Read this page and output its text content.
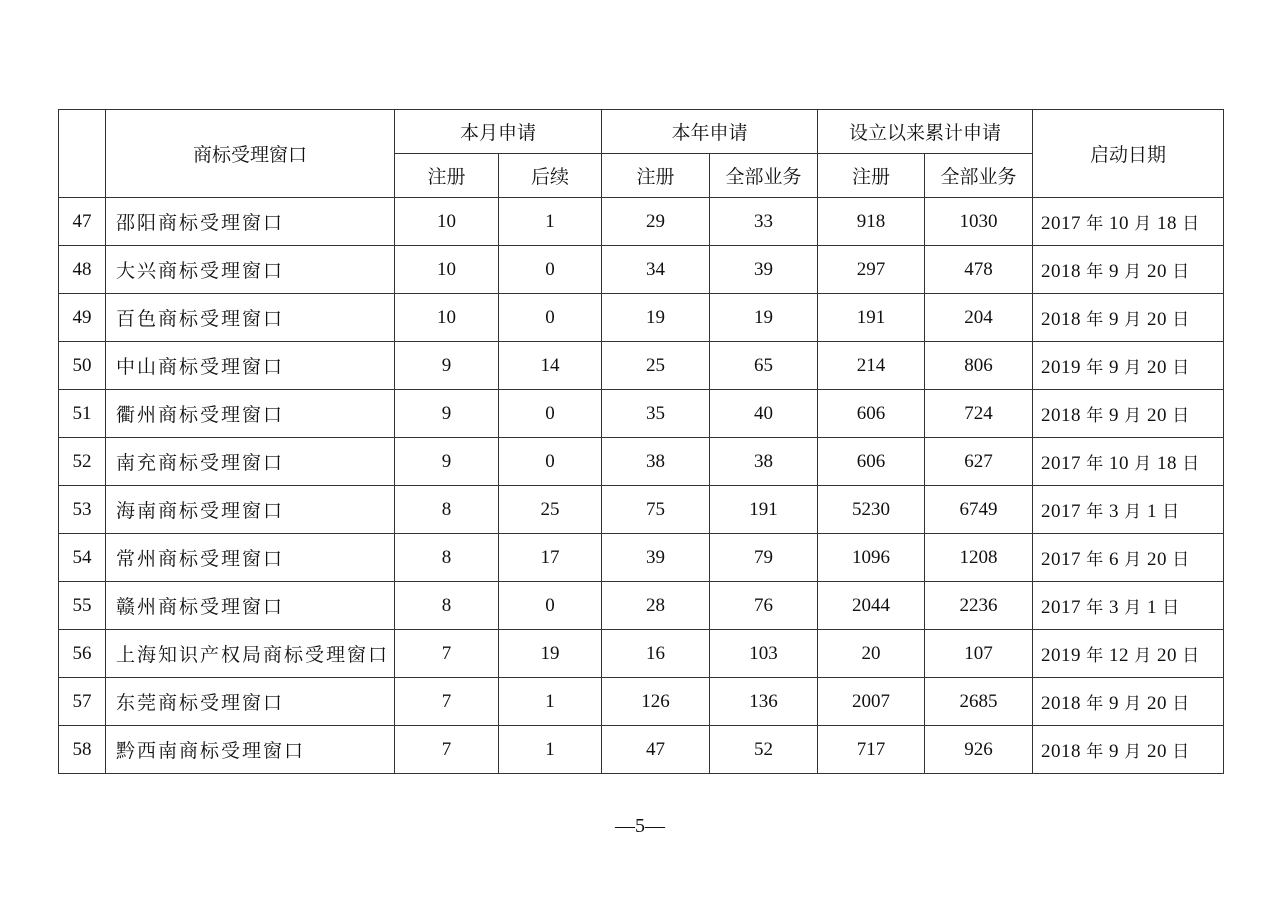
	商标受理窗口	本月申请		本年申请		设立以来累计申请		启动日期
		注册	后续	注册	全部业务	注册	全部业务	
47	邵阳商标受理窗口	10	1	29	33	918	1030	2017 年 10 月 18 日
48	大兴商标受理窗口	10	0	34	39	297	478	2018 年 9 月 20 日
49	百色商标受理窗口	10	0	19	19	191	204	2018 年 9 月 20 日
50	中山商标受理窗口	9	14	25	65	214	806	2019 年 9 月 20 日
51	衢州商标受理窗口	9	0	35	40	606	724	2018 年 9 月 20 日
52	南充商标受理窗口	9	0	38	38	606	627	2017 年 10 月 18 日
53	海南商标受理窗口	8	25	75	191	5230	6749	2017 年 3 月 1 日
54	常州商标受理窗口	8	17	39	79	1096	1208	2017 年 6 月 20 日
55	赣州商标受理窗口	8	0	28	76	2044	2236	2017 年 3 月 1 日
56	上海知识产权局商标受理窗口	7	19	16	103	20	107	2019 年 12 月 20 日
57	东莞商标受理窗口	7	1	126	136	2007	2685	2018 年 9 月 20 日
58	黔西南商标受理窗口	7	1	47	52	717	926	2018 年 9 月 20 日
—5—
